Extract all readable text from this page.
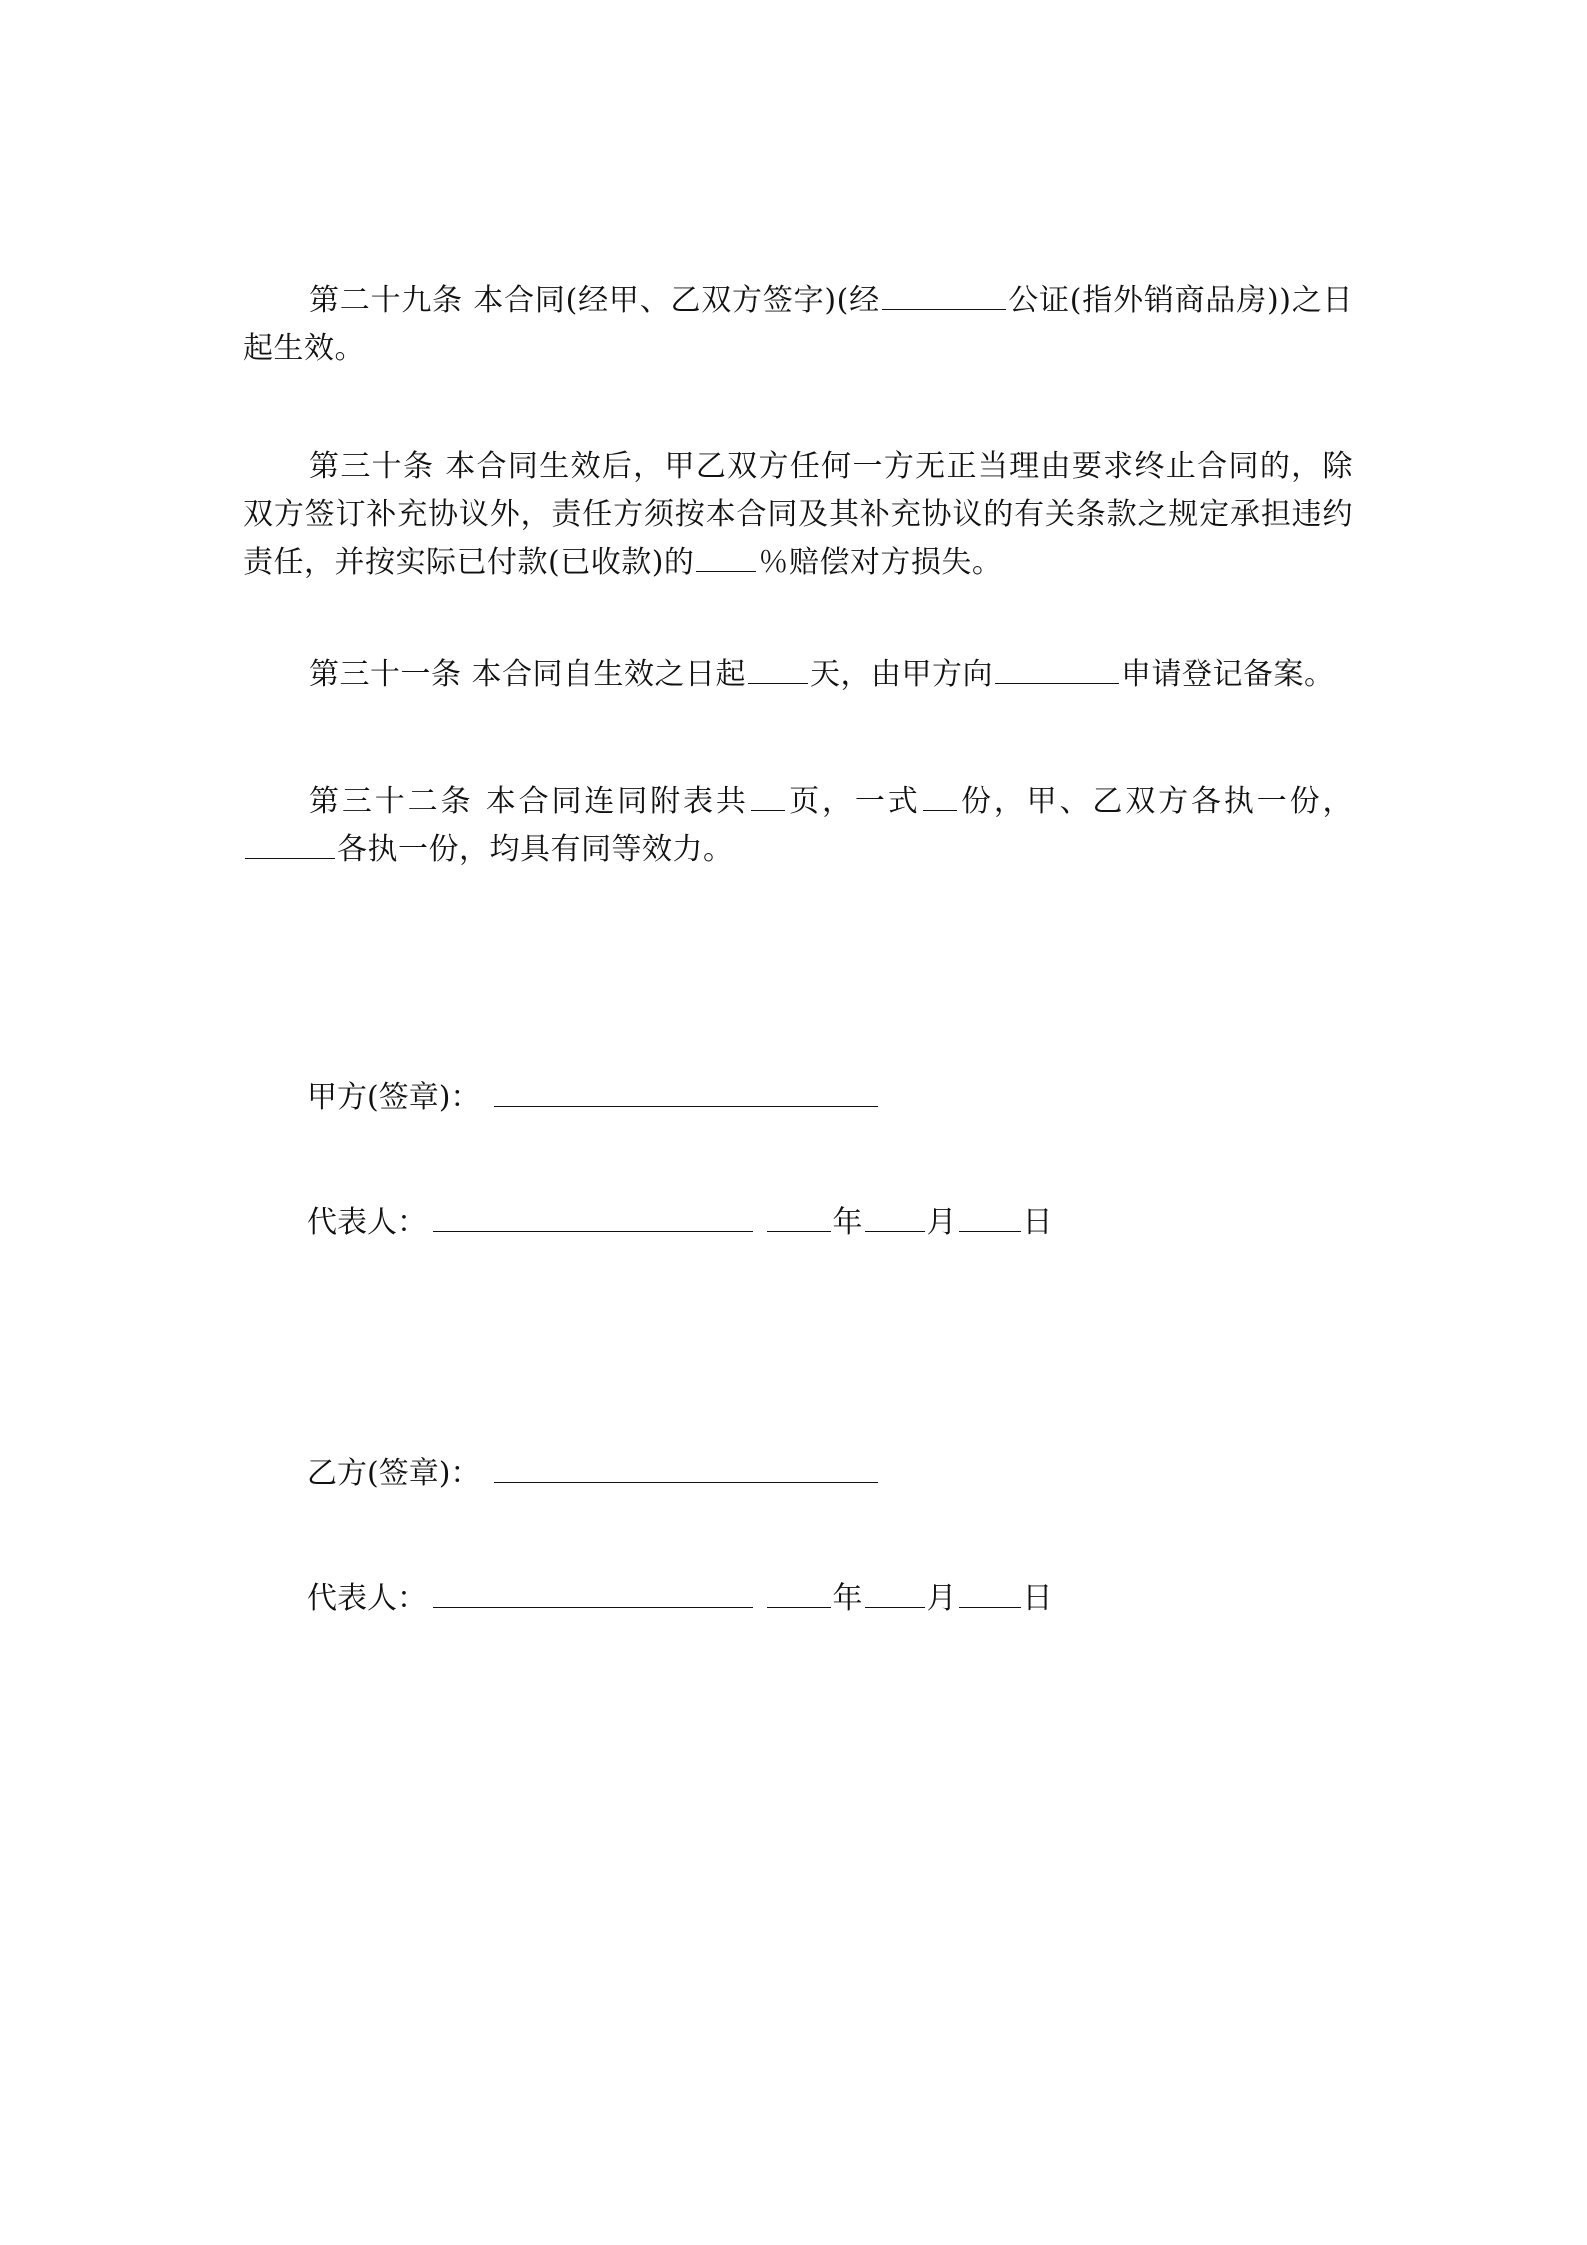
第二十九条 本合同(经甲、乙双方签字)(经	公证(指外销商品房))之日起生效。

第三十条 本合同生效后，甲乙双方任何一方无正当理由要求终止合同的，除双方签订补充协议外，责任方须按本合同及其补充协议的有关条款之规定承担违约责任，并按实际已付款(已收款)的 ％赔偿对方损失。

第三十一条 本合同自生效之日起 天，由甲方向	申请登记备案。

第三十二条 本合同连同附表共 页，一式 份，甲、乙双方各执一份，各执一份，均具有同等效力。

甲方(签章)：

代表人：	年 月 日

乙方(签章)：

代表人：	年 月 日
